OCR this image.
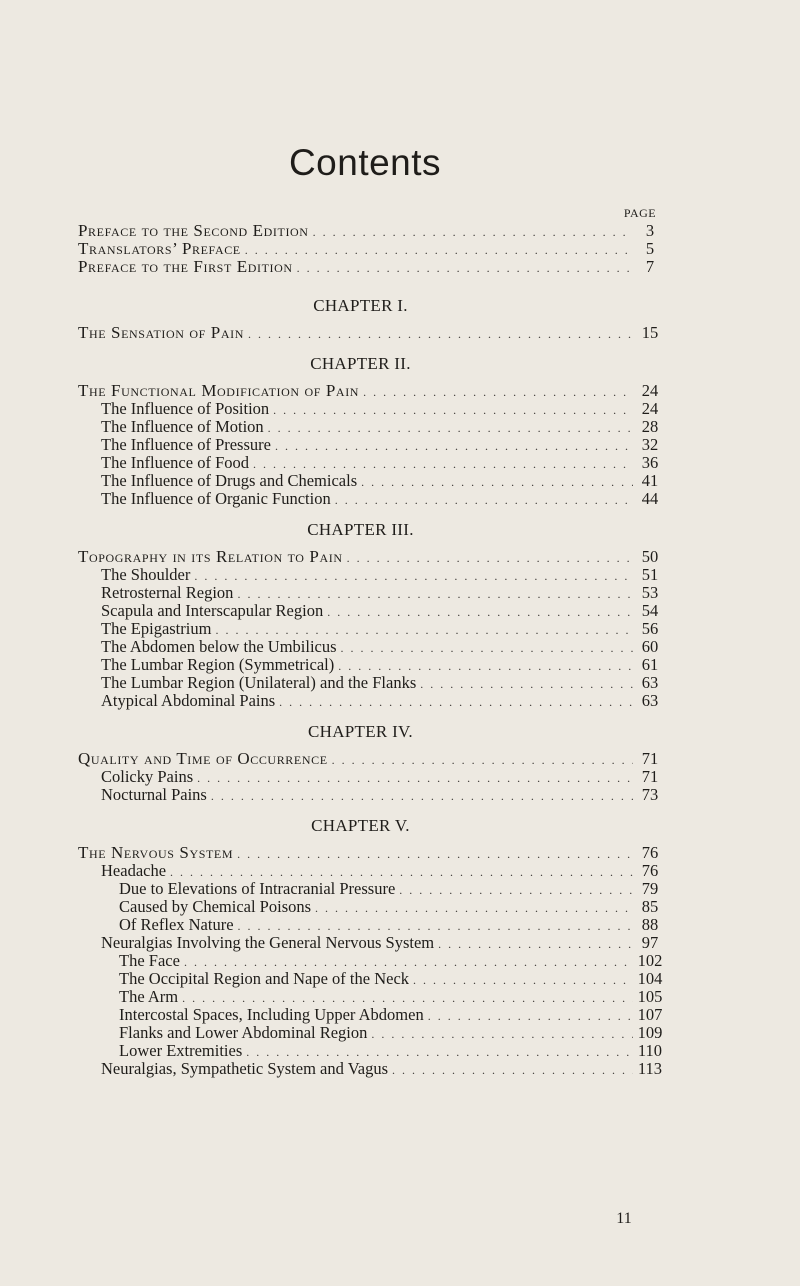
Contents
PAGE
Preface to the Second Edition . . .	3
Translators’ Preface . . .	5
Preface to the First Edition . . .	7
CHAPTER I.
The Sensation of Pain . . .	15
CHAPTER II.
The Functional Modification of Pain . . .	24
The Influence of Position . . .	24
The Influence of Motion . . .	28
The Influence of Pressure . . .	32
The Influence of Food . . .	36
The Influence of Drugs and Chemicals . . .	41
The Influence of Organic Function . . .	44
CHAPTER III.
Topography in its Relation to Pain . . .	50
The Shoulder . . .	51
Retrosternal Region . . .	53
Scapula and Interscapular Region . . .	54
The Epigastrium . . .	56
The Abdomen below the Umbilicus . . .	60
The Lumbar Region (Symmetrical) . . .	61
The Lumbar Region (Unilateral) and the Flanks . . .	63
Atypical Abdominal Pains . . .	63
CHAPTER IV.
Quality and Time of Occurrence . . .	71
Colicky Pains . . .	71
Nocturnal Pains . . .	73
CHAPTER V.
The Nervous System . . .	76
Headache . . .	76
Due to Elevations of Intracranial Pressure . . .	79
Caused by Chemical Poisons . . .	85
Of Reflex Nature . . .	88
Neuralgias Involving the General Nervous System . . .	97
The Face . . .	102
The Occipital Region and Nape of the Neck . . .	104
The Arm . . .	105
Intercostal Spaces, Including Upper Abdomen . . .	107
Flanks and Lower Abdominal Region . . .	109
Lower Extremities . . .	110
Neuralgias, Sympathetic System and Vagus . . .	113
11
